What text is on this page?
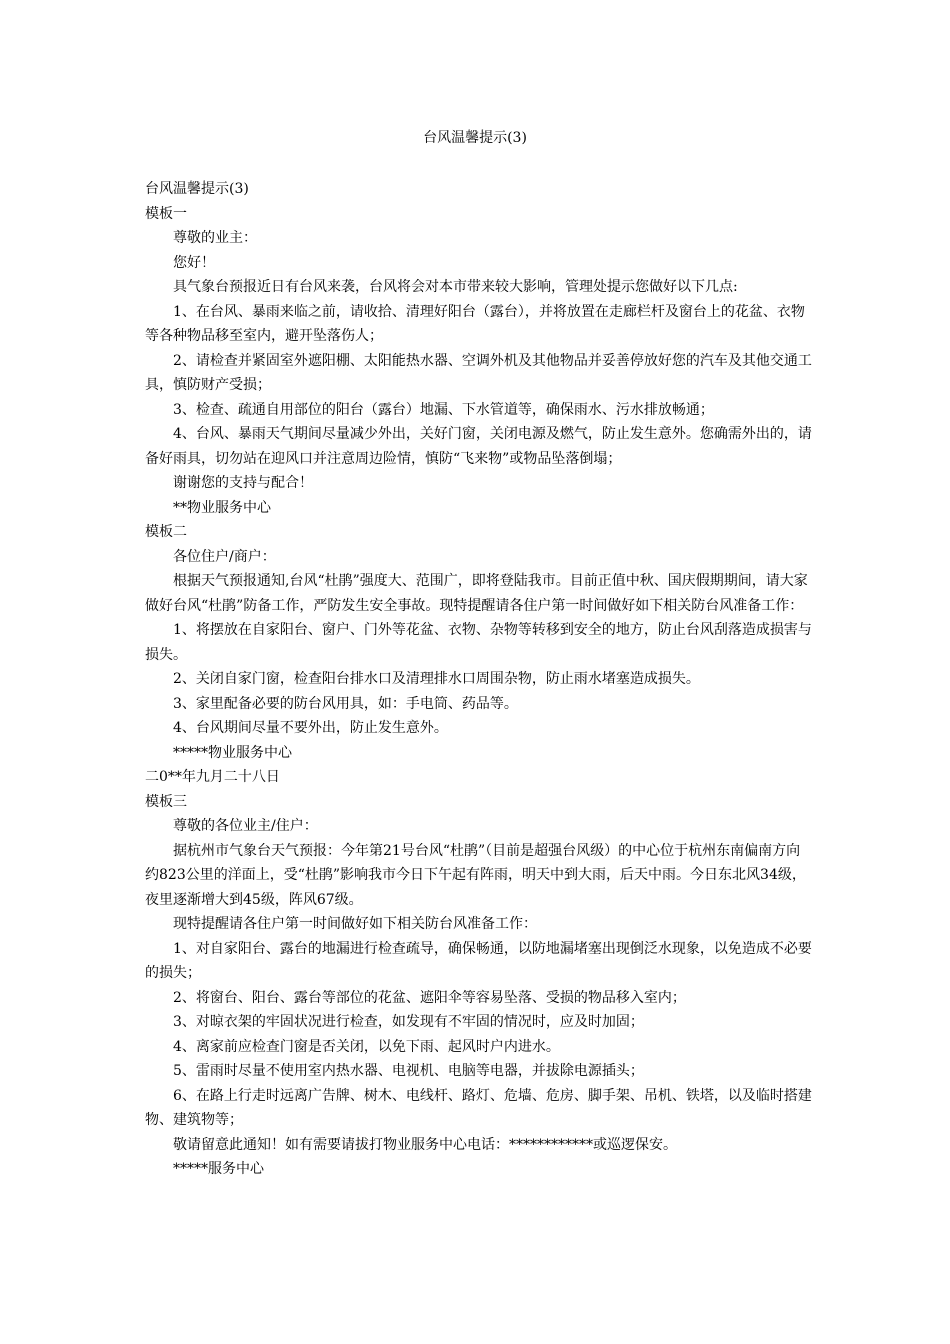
台风温馨提示(3)

台风温馨提示(3)

模板一

尊敬的业主：

您好！

具气象台预报近日有台风来袭，台风将会对本市带来较大影响，管理处提示您做好以下几点:

1、在台风、暴雨来临之前，请收拾、清理好阳台（露台），并将放置在走廊栏杆及窗台上的花盆、衣物等各种物品移至室内，避开坠落伤人；

2、请检查并紧固室外遮阳棚、太阳能热水器、空调外机及其他物品并妥善停放好您的汽车及其他交通工具，慎防财产受损；

3、检查、疏通自用部位的阳台（露台）地漏、下水管道等，确保雨水、污水排放畅通；

4、台风、暴雨天气期间尽量减少外出，关好门窗，关闭电源及燃气，防止发生意外。您确需外出的，请备好雨具，切勿站在迎风口并注意周边险情，慎防“飞来物”或物品坠落倒塌；

谢谢您的支持与配合！

**物业服务中心

模板二

各位住户/商户：

根据天气预报通知,台风“杜鹃”强度大、范围广，即将登陆我市。目前正值中秋、国庆假期期间，请大家做好台风“杜鹃”防备工作，严防发生安全事故。现特提醒请各住户第一时间做好如下相关防台风准备工作：

1、将摆放在自家阳台、窗户、门外等花盆、衣物、杂物等转移到安全的地方，防止台风刮落造成损害与损失。

2、关闭自家门窗，检查阳台排水口及清理排水口周围杂物，防止雨水堵塞造成损失。

3、家里配备必要的防台风用具，如：手电筒、药品等。

4、台风期间尽量不要外出，防止发生意外。

*****物业服务中心

二0**年九月二十八日

模板三

尊敬的各位业主/住户：

据杭州市气象台天气预报：今年第21号台风“杜鹃”（目前是超强台风级）的中心位于杭州东南偏南方向约823公里的洋面上，受“杜鹃”影响我市今日下午起有阵雨，明天中到大雨，后天中雨。今日东北风34级，夜里逐渐增大到45级，阵风67级。

现特提醒请各住户第一时间做好如下相关防台风准备工作：

1、对自家阳台、露台的地漏进行检查疏导，确保畅通，以防地漏堵塞出现倒泛水现象，以免造成不必要的损失；

2、将窗台、阳台、露台等部位的花盆、遮阳伞等容易坠落、受损的物品移入室内；

3、对晾衣架的牢固状况进行检查，如发现有不牢固的情况时，应及时加固；

4、离家前应检查门窗是否关闭，以免下雨、起风时户内进水。

5、雷雨时尽量不使用室内热水器、电视机、电脑等电器，并拔除电源插头；

6、在路上行走时远离广告牌、树木、电线杆、路灯、危墙、危房、脚手架、吊机、铁塔，以及临时搭建物、建筑物等；

敬请留意此通知！如有需要请拔打物业服务中心电话：************或巡逻保安。

*****服务中心
